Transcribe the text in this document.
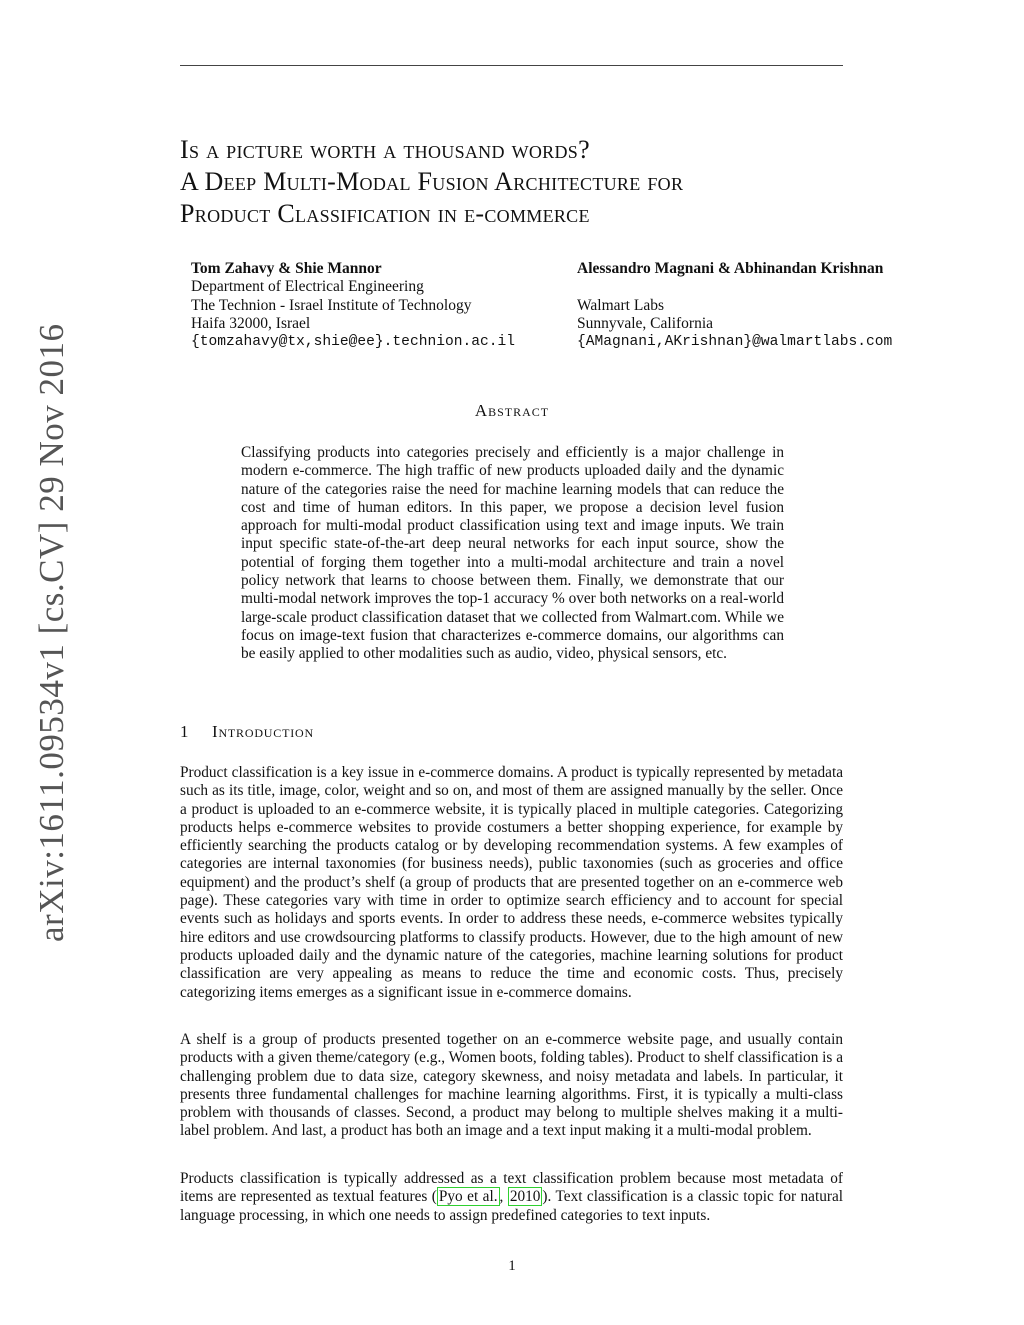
Is a picture worth a thousand words?
A Deep Multi-Modal Fusion Architecture for
Product Classification in e-commerce
Tom Zahavy & Shie Mannor
Department of Electrical Engineering
The Technion - Israel Institute of Technology
Haifa 32000, Israel
{tomzahavy@tx,shie@ee}.technion.ac.il
Alessandro Magnani & Abhinandan Krishnan
Walmart Labs
Sunnyvale, California
{AMagnani,AKrishnan}@walmartlabs.com
arXiv:1611.09534v1 [cs.CV] 29 Nov 2016	Abstract
Classifying products into categories precisely and efficiently is a major challenge in modern e-commerce. The high traffic of new products uploaded daily and the dynamic nature of the categories raise the need for machine learning models that can reduce the cost and time of human editors. In this paper, we propose a decision level fusion approach for multi-modal product classification using text and image inputs. We train input specific state-of-the-art deep neural networks for each input source, show the potential of forging them together into a multi-modal architecture and train a novel policy network that learns to choose between them. Finally, we demonstrate that our multi-modal network improves the top-1 accuracy % over both networks on a real-world large-scale product classification dataset that we collected from Walmart.com. While we focus on image-text fusion that characterizes e-commerce domains, our algorithms can be easily applied to other modalities such as audio, video, physical sensors, etc.
1 Introduction
Product classification is a key issue in e-commerce domains. A product is typically represented by metadata such as its title, image, color, weight and so on, and most of them are assigned manually by the seller. Once a product is uploaded to an e-commerce website, it is typically placed in multiple categories. Categorizing products helps e-commerce websites to provide costumers a better shopping experience, for example by efficiently searching the products catalog or by developing recommendation systems. A few examples of categories are internal taxonomies (for business needs), public taxonomies (such as groceries and office equipment) and the product’s shelf (a group of products that are presented together on an e-commerce web page). These categories vary with time in order to optimize search efficiency and to account for special events such as holidays and sports events. In order to address these needs, e-commerce websites typically hire editors and use crowdsourcing platforms to classify products. However, due to the high amount of new products uploaded daily and the dynamic nature of the categories, machine learning solutions for product classification are very appealing as means to reduce the time and economic costs. Thus, precisely categorizing items emerges as a significant issue in e-commerce domains.
A shelf is a group of products presented together on an e-commerce website page, and usually contain products with a given theme/category (e.g., Women boots, folding tables). Product to shelf classification is a challenging problem due to data size, category skewness, and noisy metadata and labels. In particular, it presents three fundamental challenges for machine learning algorithms. First, it is typically a multi-class problem with thousands of classes. Second, a product may belong to multiple shelves making it a multi-label problem. And last, a product has both an image and a text input making it a multi-modal problem.
Products classification is typically addressed as a text classification problem because most metadata of items are represented as textual features ( Pyo et al. , 2010 ). Text classification is a classic topic for natural language processing, in which one needs to assign predefined categories to text inputs.
1
